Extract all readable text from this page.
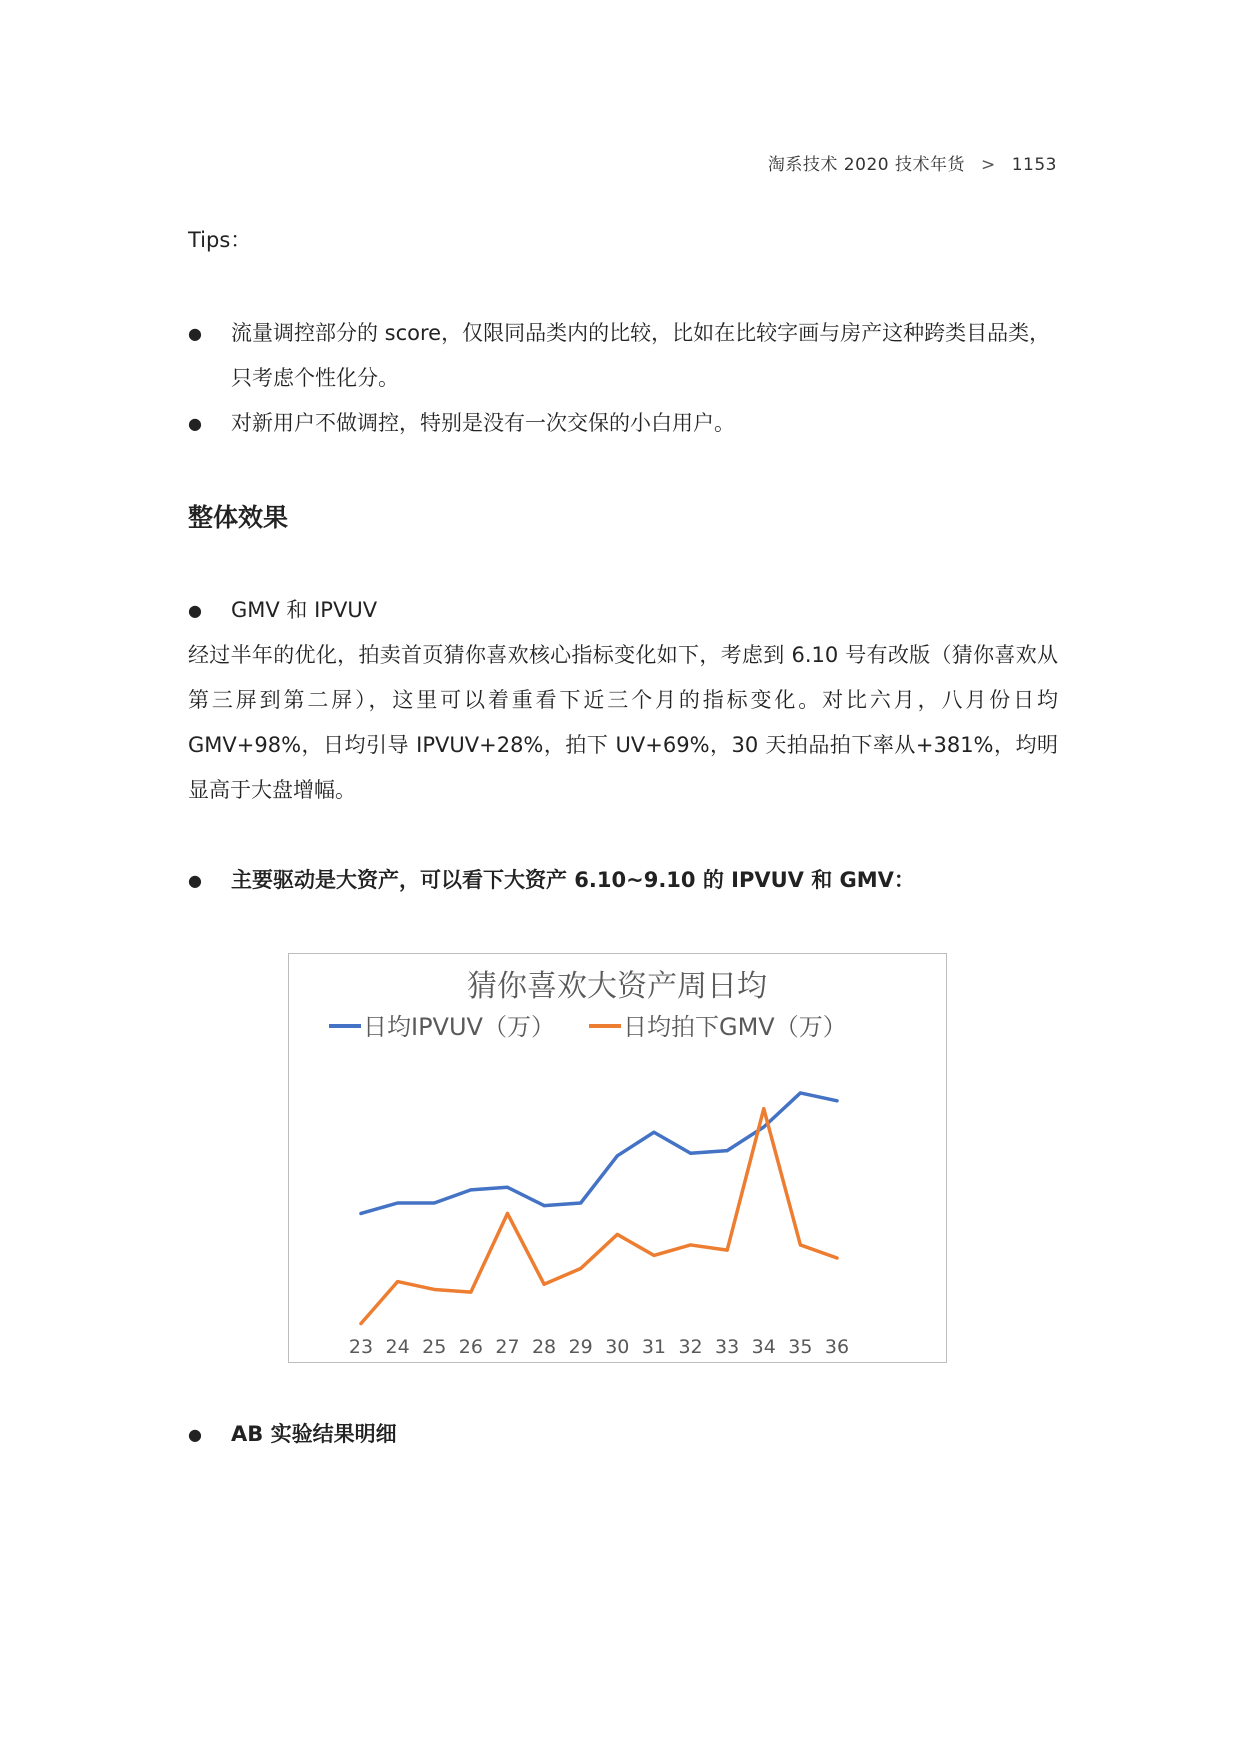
淘系技术 2020 技术年货 > 1153
Tips：
●	流量调控部分的 score，仅限同品类内的比较，比如在比较字画与房产这种跨类目品类，只考虑个性化分。
●	对新用户不做调控，特别是没有一次交保的小白用户。
整体效果
●	GMV 和 IPVUV
经过半年的优化，拍卖首页猜你喜欢核心指标变化如下，考虑到 6.10 号有改版（猜你喜欢从第三屏到第二屏），这里可以着重看下近三个月的指标变化。对比六月，八月份日均 GMV+98%，日均引导 IPVUV+28%，拍下 UV+69%，30 天拍品拍下率从+381%，均明显高于大盘增幅。
●	主要驱动是大资产，可以看下大资产 6.10~9.10 的 IPVUV 和 GMV：
猜你喜欢大资产周日均
日均IPVUV（万）	日均拍下GMV（万）
23 24 25 26 27 28 29 30 31 32 33 34 35 36
●	AB 实验结果明细
